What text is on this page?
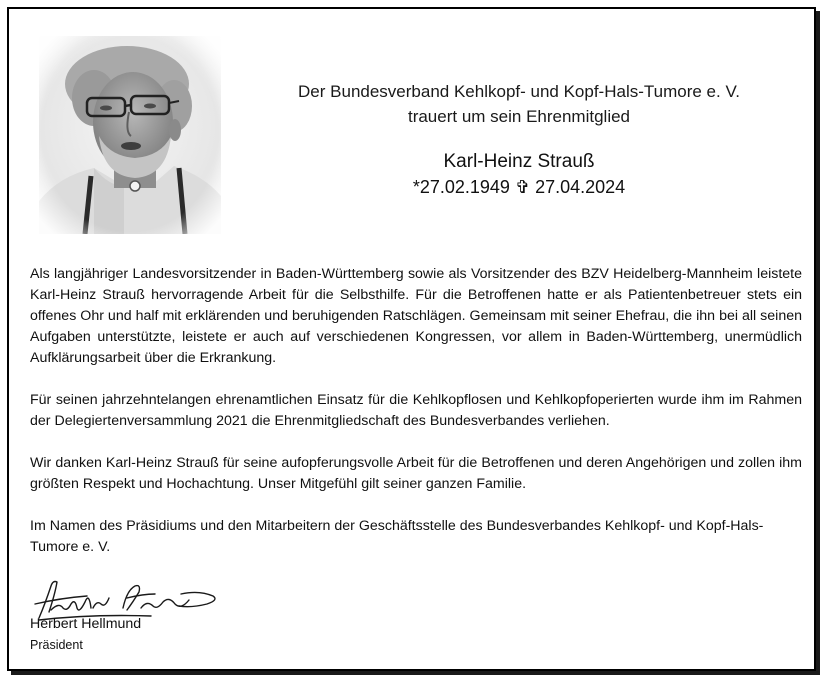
Der Bundesverband Kehlkopf- und Kopf-Hals-Tumore e. V.
trauert um sein Ehrenmitglied
Karl-Heinz Strauß
*27.02.1949 ✞ 27.04.2024

Als langjähriger Landesvorsitzender in Baden-Württemberg sowie als Vorsitzender des BZV Heidelberg-Mannheim leistete Karl-Heinz Strauß hervorragende Arbeit für die Selbsthilfe. Für die Betroffenen hatte er als Patientenbetreuer stets ein offenes Ohr und half mit erklärenden und beruhigenden Ratschlägen. Gemeinsam mit seiner Ehefrau, die ihn bei all seinen Aufgaben unterstützte, leistete er auch auf verschiedenen Kongressen, vor allem in Baden-Württemberg, unermüdlich Aufklärungsarbeit über die Erkrankung.

Für seinen jahrzehntelangen ehrenamtlichen Einsatz für die Kehlkopflosen und Kehlkopfoperierten wurde ihm im Rahmen der Delegiertenversammlung 2021 die Ehrenmitgliedschaft des Bundesverbandes verliehen.

Wir danken Karl-Heinz Strauß für seine aufopferungsvolle Arbeit für die Betroffenen und deren Angehörigen und zollen ihm größten Respekt und Hochachtung. Unser Mitgefühl gilt seiner ganzen Familie.

Im Namen des Präsidiums und den Mitarbeitern der Geschäftsstelle des Bundesverbandes Kehlkopf- und Kopf-Hals-Tumore e. V.

Herbert Hellmund
Präsident
